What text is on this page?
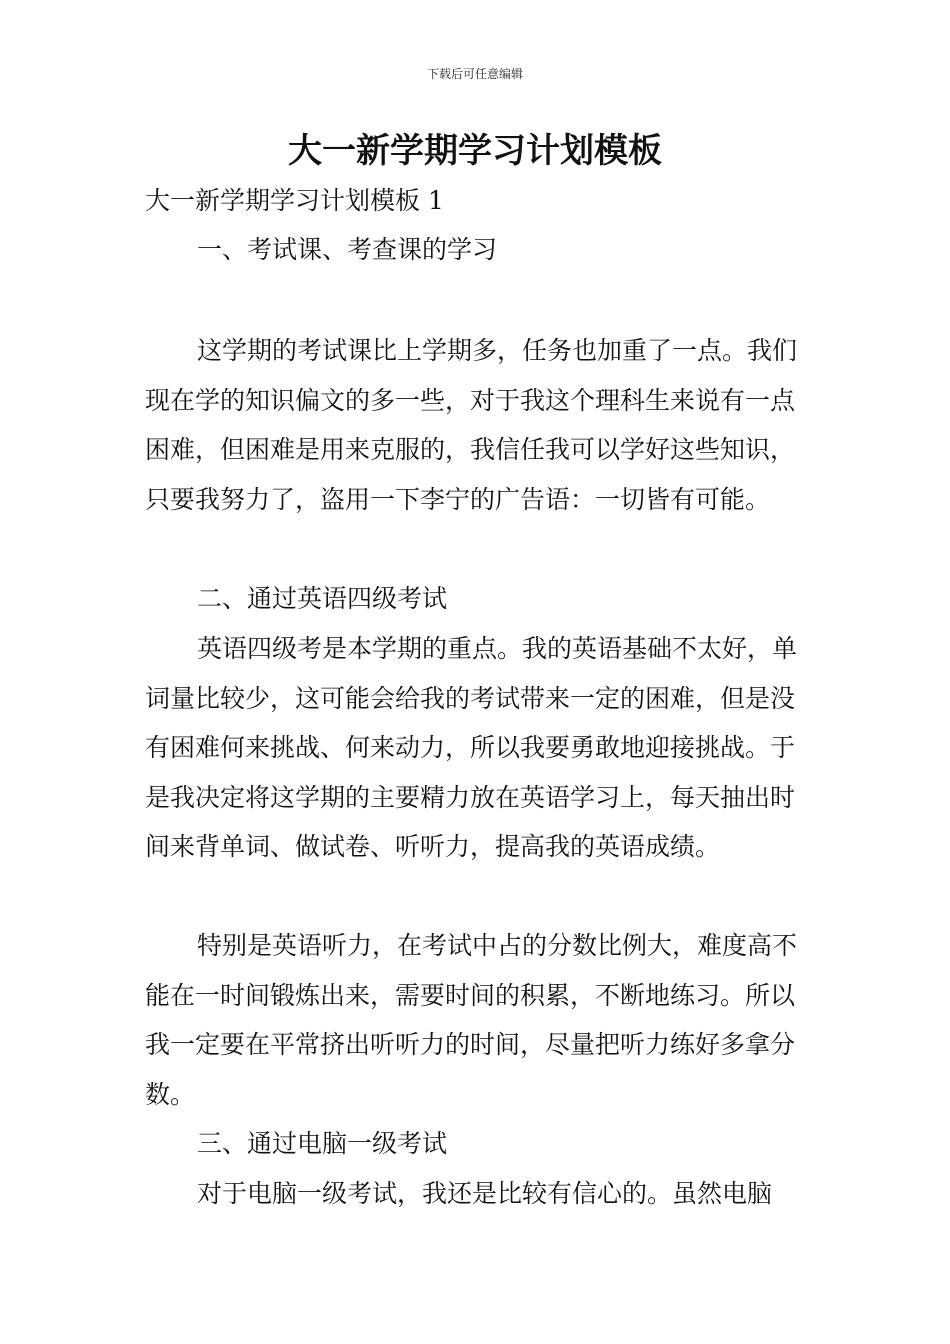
下载后可任意编辑
大一新学期学习计划模板

大一新学期学习计划模板 1

一、考试课、考查课的学习

这学期的考试课比上学期多，任务也加重了一点。我们现在学的知识偏文的多一些，对于我这个理科生来说有一点困难，但困难是用来克服的，我信任我可以学好这些知识，只要我努力了，盗用一下李宁的广告语：一切皆有可能。

二、通过英语四级考试

英语四级考是本学期的重点。我的英语基础不太好，单词量比较少，这可能会给我的考试带来一定的困难，但是没有困难何来挑战、何来动力，所以我要勇敢地迎接挑战。于是我决定将这学期的主要精力放在英语学习上，每天抽出时间来背单词、做试卷、听听力，提高我的英语成绩。

特别是英语听力，在考试中占的分数比例大，难度高不能在一时间锻炼出来，需要时间的积累，不断地练习。所以我一定要在平常挤出听听力的时间，尽量把听力练好多拿分数。

三、通过电脑一级考试

对于电脑一级考试，我还是比较有信心的。虽然电脑
